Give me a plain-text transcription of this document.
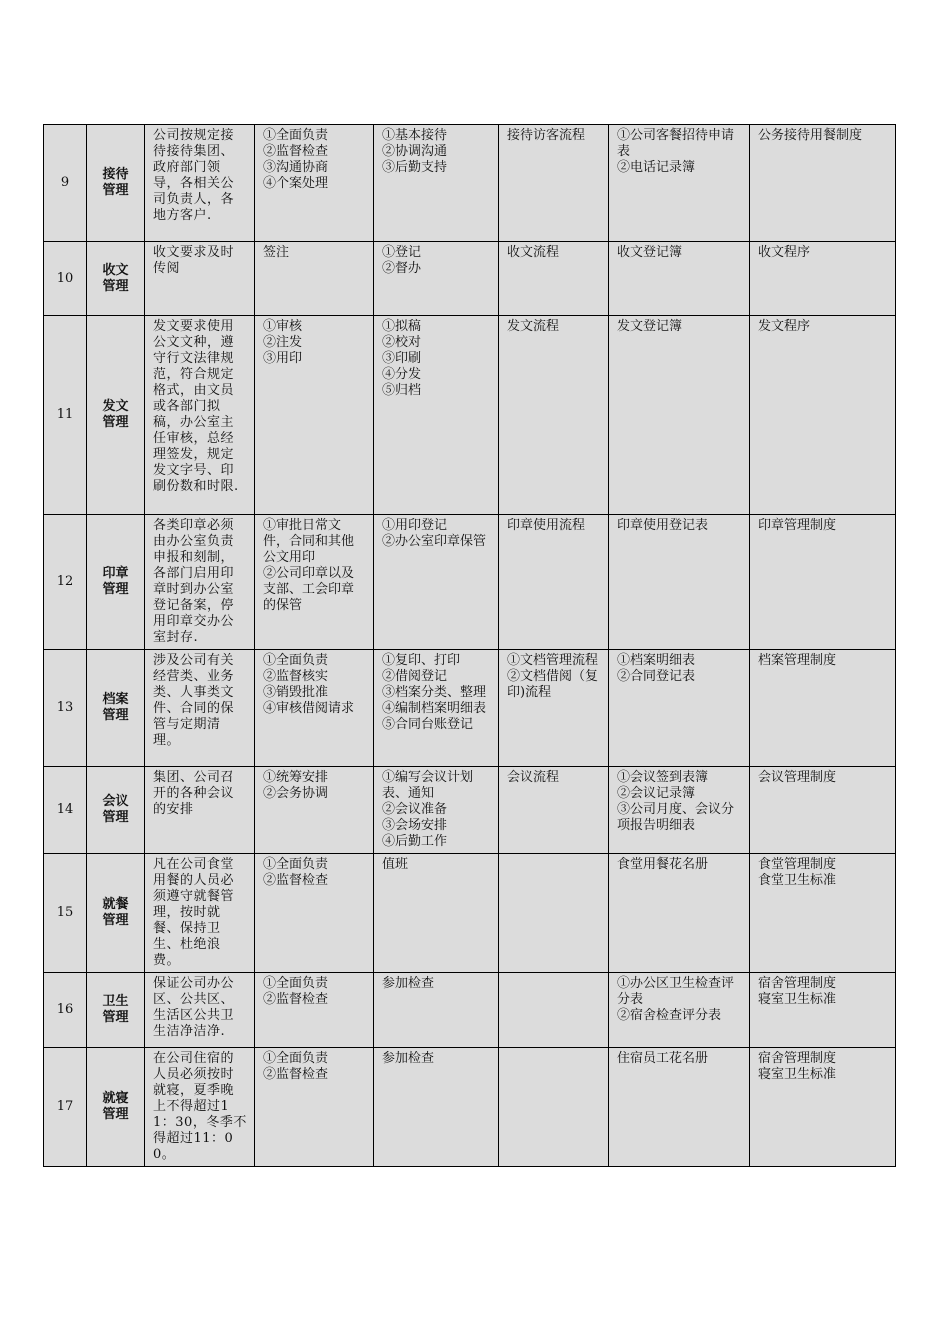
9	接待管理	公司按规定接待接待集团、政府部门领导，各相关公司负责人，各地方客户.	①全面负责
②监督检查
③沟通协商
④个案处理	①基本接待
②协调沟通
③后勤支持	接待访客流程	①公司客餐招待申请表
②电话记录簿	公务接待用餐制度

10	收文管理	收文要求及时传阅	签注	①登记
②督办	收文流程	收文登记簿	收文程序

11	发文管理	发文要求使用公文文种，遵守行文法律规范，符合规定格式，由文员或各部门拟稿，办公室主任审核，总经理签发，规定发文字号、印刷份数和时限.	①审核
②注发
③用印	①拟稿
②校对
③印刷
④分发
⑤归档	发文流程	发文登记簿	发文程序

12	印章管理	各类印章必须由办公室负责申报和刻制，各部门启用印章时到办公室登记备案，停用印章交办公室封存.	①审批日常文件，合同和其他公文用印
②公司印章以及支部、工会印章的保管	①用印登记
②办公室印章保管	印章使用流程	印章使用登记表	印章管理制度

13	档案管理	涉及公司有关经营类、业务类、人事类文件、合同的保管与定期清理。	①全面负责
②监督核实
③销毁批准
④审核借阅请求	①复印、打印
②借阅登记
③档案分类、整理
④编制档案明细表
⑤合同台账登记	①文档管理流程 ②文档借阅（复印)流程	①档案明细表
②合同登记表	档案管理制度

14	会议管理	集团、公司召开的各种会议的安排	①统筹安排
②会务协调	①编写会议计划表、通知
②会议准备
③会场安排
④后勤工作	会议流程	①会议签到表簿
②会议记录簿
③公司月度、会议分项报告明细表	会议管理制度

15	就餐管理	凡在公司食堂用餐的人员必须遵守就餐管理，按时就餐、保持卫生、杜绝浪费。	①全面负责
②监督检查	值班		食堂用餐花名册	食堂管理制度
食堂卫生标准

16	卫生管理	保证公司办公区、公共区、生活区公共卫生洁净洁净.	①全面负责
②监督检查	参加检查		①办公区卫生检查评分表
②宿舍检查评分表	宿舍管理制度
寝室卫生标准

17	就寝管理	在公司住宿的人员必须按时就寝，夏季晚上不得超过11：30，冬季不得超过11：00。	①全面负责
②监督检查	参加检查		住宿员工花名册	宿舍管理制度
寝室卫生标准
